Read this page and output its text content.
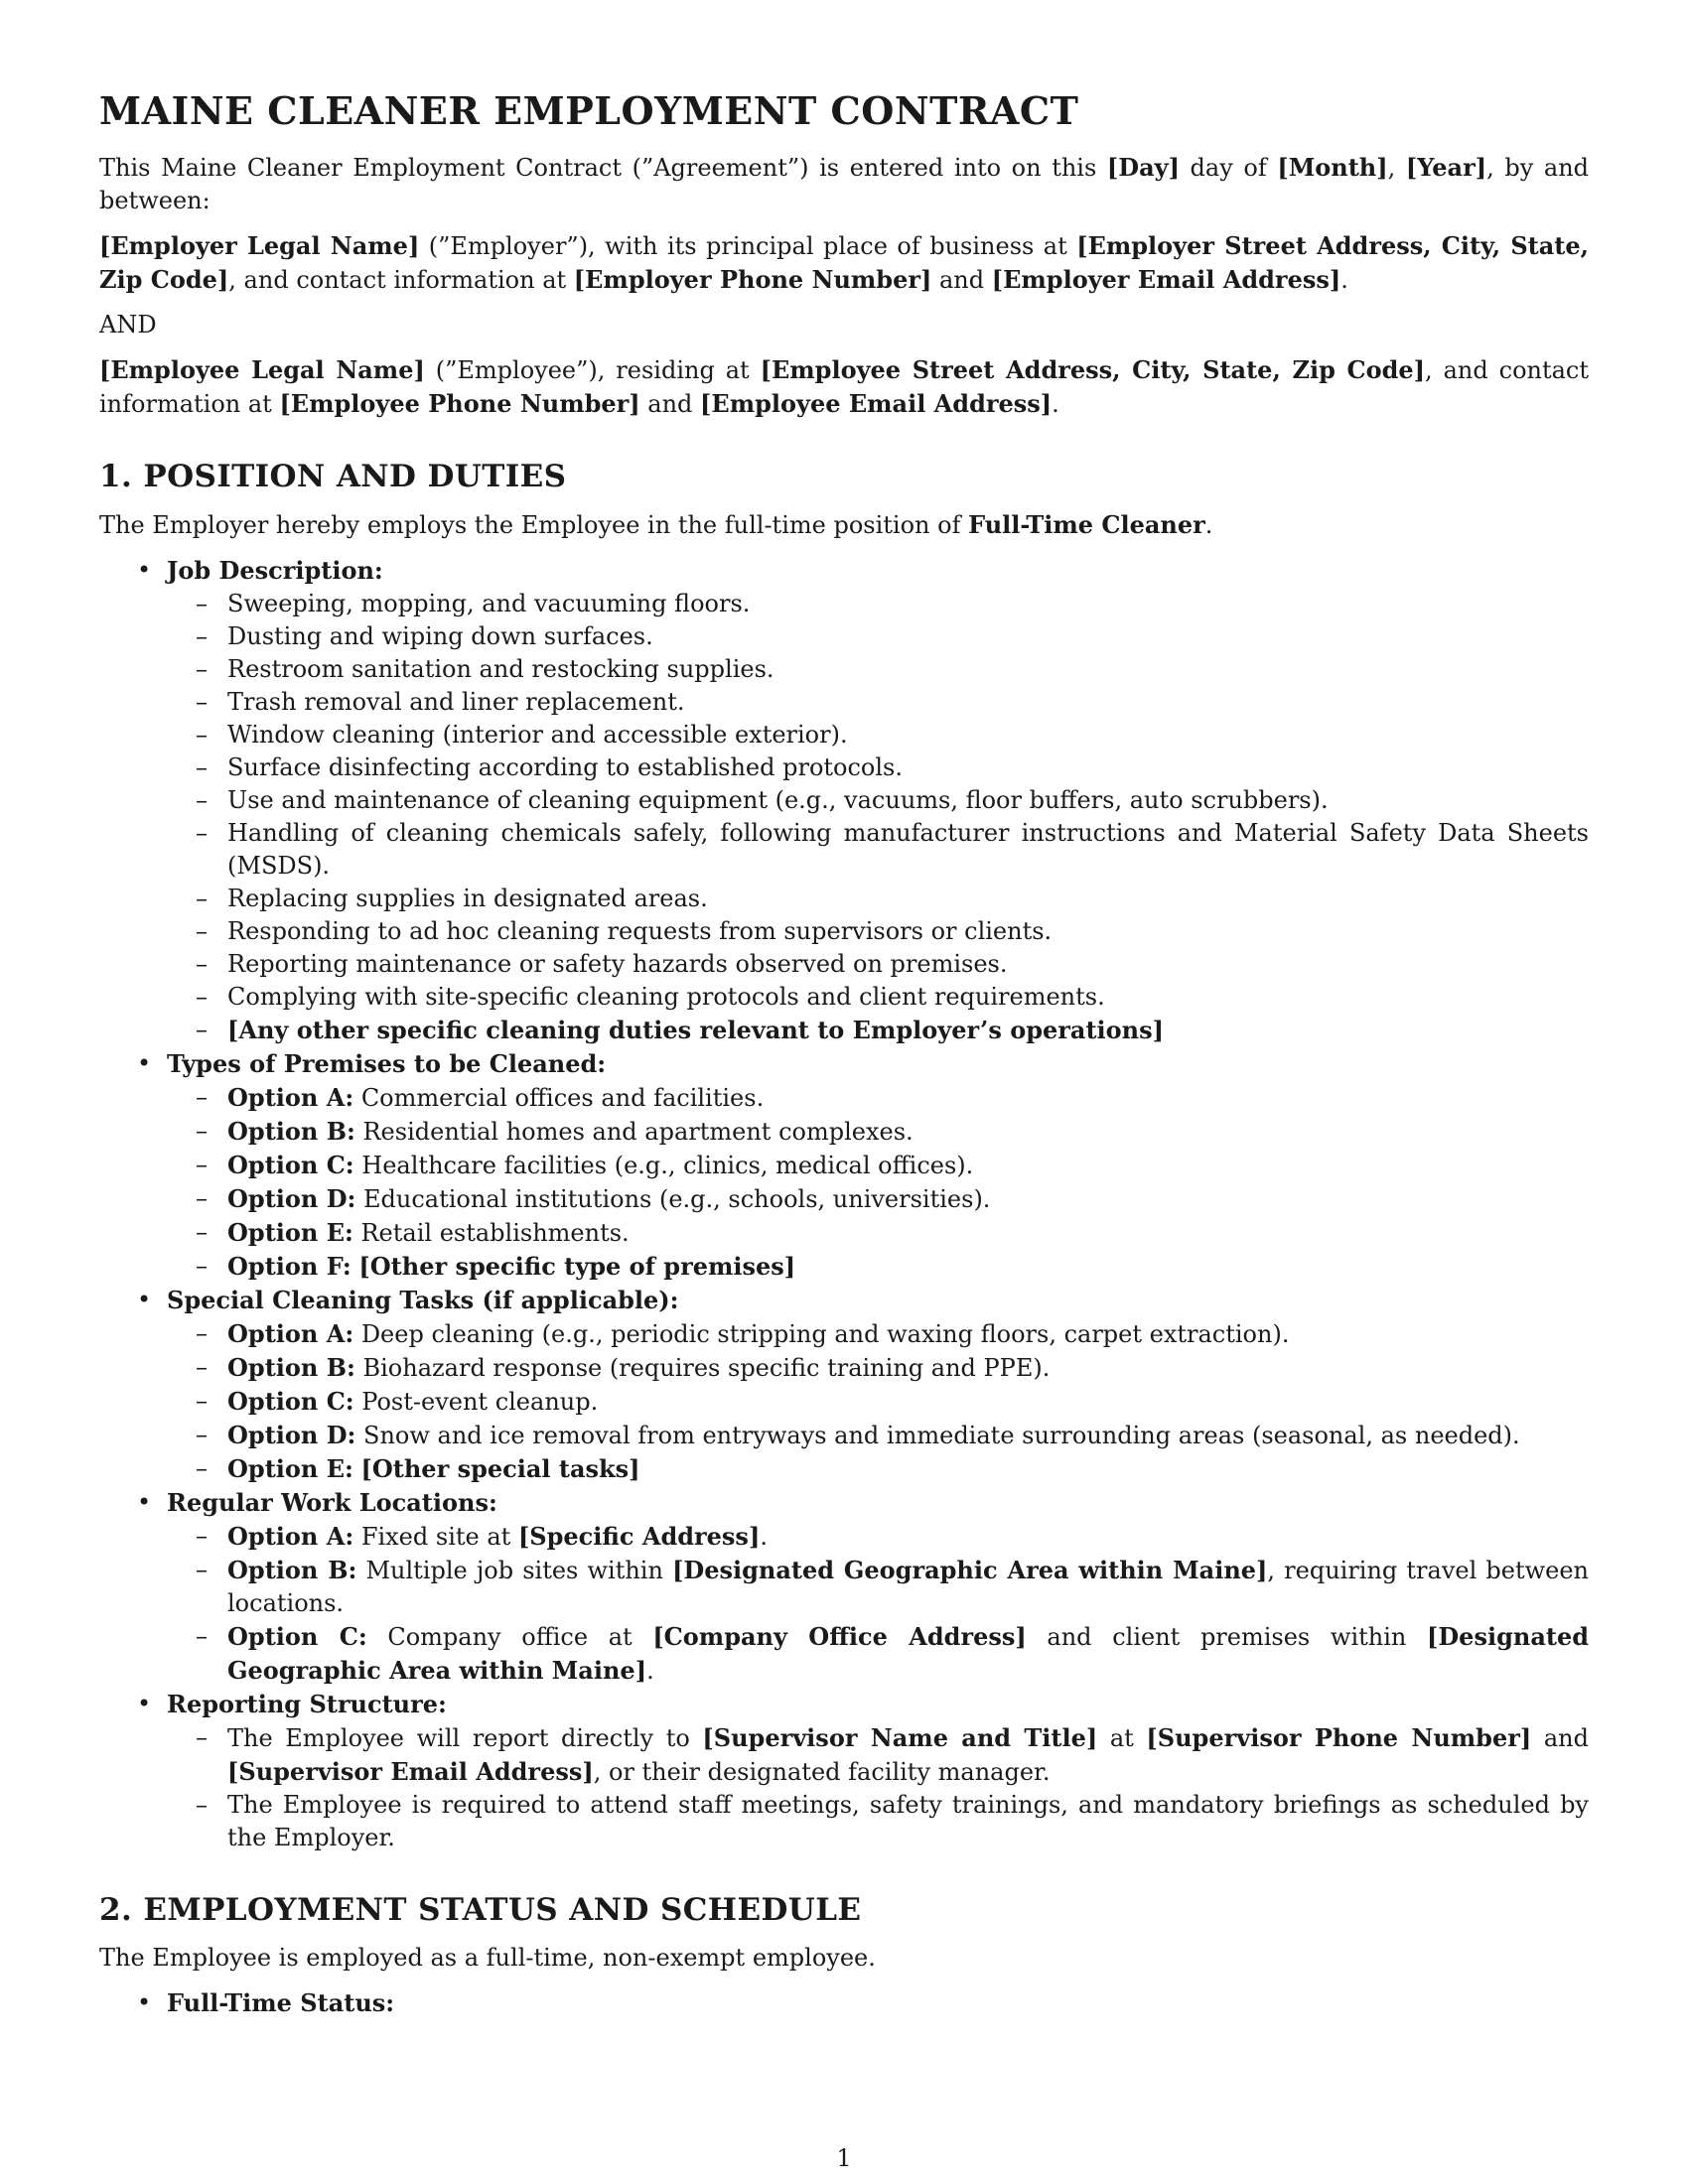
MAINE CLEANER EMPLOYMENT CONTRACT

This Maine Cleaner Employment Contract (”Agreement”) is entered into on this [Day] day of [Month], [Year], by and between:

[Employer Legal Name] (”Employer”), with its principal place of business at [Employer Street Address, City, State, Zip Code], and contact information at [Employer Phone Number] and [Employer Email Address].

AND

[Employee Legal Name] (”Employee”), residing at [Employee Street Address, City, State, Zip Code], and contact information at [Employee Phone Number] and [Employee Email Address].

1. POSITION AND DUTIES

The Employer hereby employs the Employee in the full-time position of Full-Time Cleaner.

• Job Description:
– Sweeping, mopping, and vacuuming floors.
– Dusting and wiping down surfaces.
– Restroom sanitation and restocking supplies.
– Trash removal and liner replacement.
– Window cleaning (interior and accessible exterior).
– Surface disinfecting according to established protocols.
– Use and maintenance of cleaning equipment (e.g., vacuums, floor buffers, auto scrubbers).
– Handling of cleaning chemicals safely, following manufacturer instructions and Material Safety Data Sheets (MSDS).
– Replacing supplies in designated areas.
– Responding to ad hoc cleaning requests from supervisors or clients.
– Reporting maintenance or safety hazards observed on premises.
– Complying with site-specific cleaning protocols and client requirements.
– [Any other specific cleaning duties relevant to Employer’s operations]
• Types of Premises to be Cleaned:
– Option A: Commercial offices and facilities.
– Option B: Residential homes and apartment complexes.
– Option C: Healthcare facilities (e.g., clinics, medical offices).
– Option D: Educational institutions (e.g., schools, universities).
– Option E: Retail establishments.
– Option F: [Other specific type of premises]
• Special Cleaning Tasks (if applicable):
– Option A: Deep cleaning (e.g., periodic stripping and waxing floors, carpet extraction).
– Option B: Biohazard response (requires specific training and PPE).
– Option C: Post-event cleanup.
– Option D: Snow and ice removal from entryways and immediate surrounding areas (seasonal, as needed).
– Option E: [Other special tasks]
• Regular Work Locations:
– Option A: Fixed site at [Specific Address].
– Option B: Multiple job sites within [Designated Geographic Area within Maine], requiring travel between locations.
– Option C: Company office at [Company Office Address] and client premises within [Designated Geographic Area within Maine].
• Reporting Structure:
– The Employee will report directly to [Supervisor Name and Title] at [Supervisor Phone Number] and [Supervisor Email Address], or their designated facility manager.
– The Employee is required to attend staff meetings, safety trainings, and mandatory briefings as scheduled by the Employer.
2. EMPLOYMENT STATUS AND SCHEDULE

The Employee is employed as a full-time, non-exempt employee.

• Full-Time Status:
1
